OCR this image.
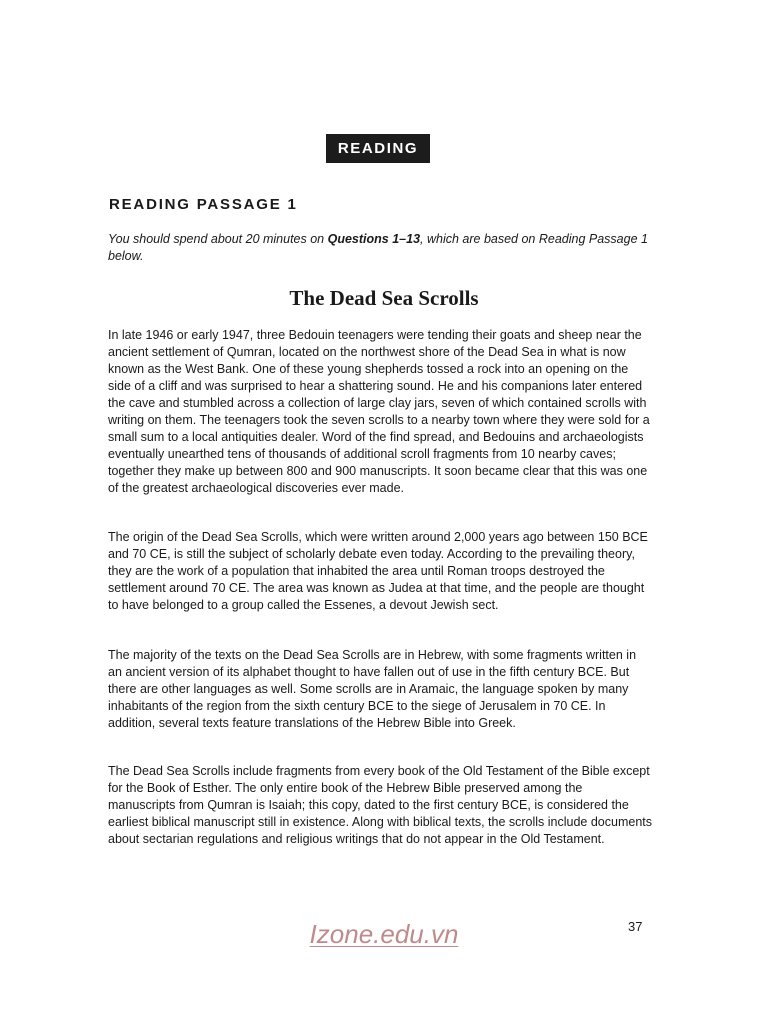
READING
READING PASSAGE 1

You should spend about 20 minutes on Questions 1–13, which are based on Reading Passage 1 below.

The Dead Sea Scrolls

In late 1946 or early 1947, three Bedouin teenagers were tending their goats and sheep near the ancient settlement of Qumran, located on the northwest shore of the Dead Sea in what is now known as the West Bank. One of these young shepherds tossed a rock into an opening on the side of a cliff and was surprised to hear a shattering sound. He and his companions later entered the cave and stumbled across a collection of large clay jars, seven of which contained scrolls with writing on them. The teenagers took the seven scrolls to a nearby town where they were sold for a small sum to a local antiquities dealer. Word of the find spread, and Bedouins and archaeologists eventually unearthed tens of thousands of additional scroll fragments from 10 nearby caves; together they make up between 800 and 900 manuscripts. It soon became clear that this was one of the greatest archaeological discoveries ever made.

The origin of the Dead Sea Scrolls, which were written around 2,000 years ago between 150 BCE and 70 CE, is still the subject of scholarly debate even today. According to the prevailing theory, they are the work of a population that inhabited the area until Roman troops destroyed the settlement around 70 CE. The area was known as Judea at that time, and the people are thought to have belonged to a group called the Essenes, a devout Jewish sect.

The majority of the texts on the Dead Sea Scrolls are in Hebrew, with some fragments written in an ancient version of its alphabet thought to have fallen out of use in the fifth century BCE. But there are other languages as well. Some scrolls are in Aramaic, the language spoken by many inhabitants of the region from the sixth century BCE to the siege of Jerusalem in 70 CE. In addition, several texts feature translations of the Hebrew Bible into Greek.

The Dead Sea Scrolls include fragments from every book of the Old Testament of the Bible except for the Book of Esther. The only entire book of the Hebrew Bible preserved among the manuscripts from Qumran is Isaiah; this copy, dated to the first century BCE, is considered the earliest biblical manuscript still in existence. Along with biblical texts, the scrolls include documents about sectarian regulations and religious writings that do not appear in the Old Testament.

Izone.edu.vn	37
